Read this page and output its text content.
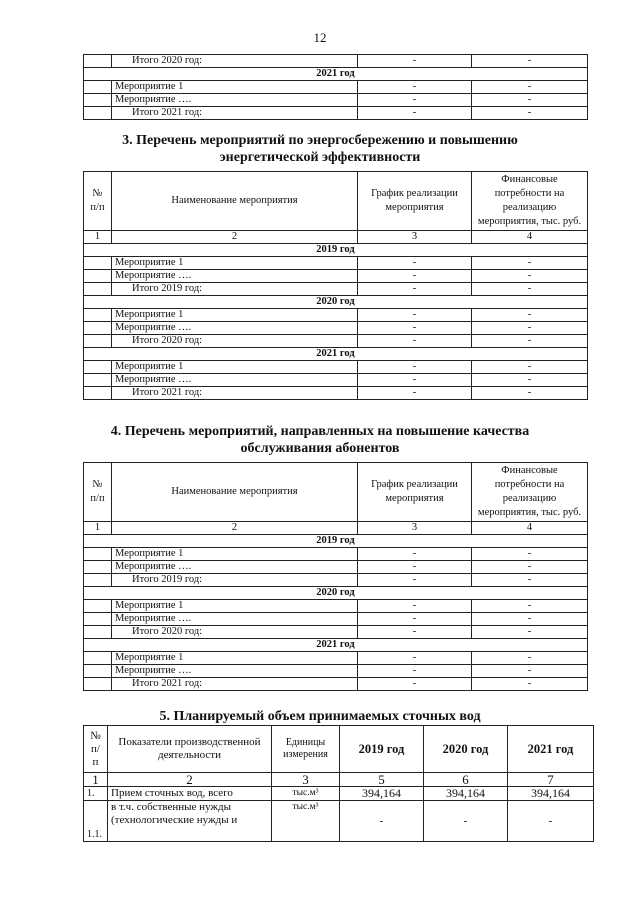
12
	Итого 2020 год:	-	-
2021 год			
	Мероприятие 1	-	-
	Мероприятие ….	-	-
	Итого 2021 год:	-	-
3. Перечень мероприятий по энергосбережению и повышению
энергетической эффективности
№ п/п	Наименование мероприятия	График реализации мероприятия	Финансовые потребности на реализацию мероприятия, тыс. руб.
1	2	3	4
2019 год			
	Мероприятие 1	-	-
	Мероприятие ….	-	-
	Итого 2019 год:	-	-
2020 год			
	Мероприятие 1	-	-
	Мероприятие ….	-	-
	Итого 2020 год:	-	-
2021 год			
	Мероприятие 1	-	-
	Мероприятие ….	-	-
	Итого 2021 год:	-	-
4. Перечень мероприятий, направленных на повышение качества
обслуживания абонентов
№ п/п	Наименование мероприятия	График реализации мероприятия	Финансовые потребности на реализацию мероприятия, тыс. руб.
1	2	3	4
2019 год			
	Мероприятие 1	-	-
	Мероприятие ….	-	-
	Итого 2019 год:	-	-
2020 год			
	Мероприятие 1	-	-
	Мероприятие ….	-	-
	Итого 2020 год:	-	-
2021 год			
	Мероприятие 1	-	-
	Мероприятие ….	-	-
	Итого 2021 год:	-	-
5. Планируемый объем принимаемых сточных вод
№ п/ п	Показатели производственной деятельности	Единицы измерения	2019 год	2020 год	2021 год
1	2	3	5	6	7
1.	Прием сточных вод, всего	тыс.м³	394,164	394,164	394,164
1.1.	в т.ч. собственные нужды (технологические нужды и	тыс.м³	-	-	-
